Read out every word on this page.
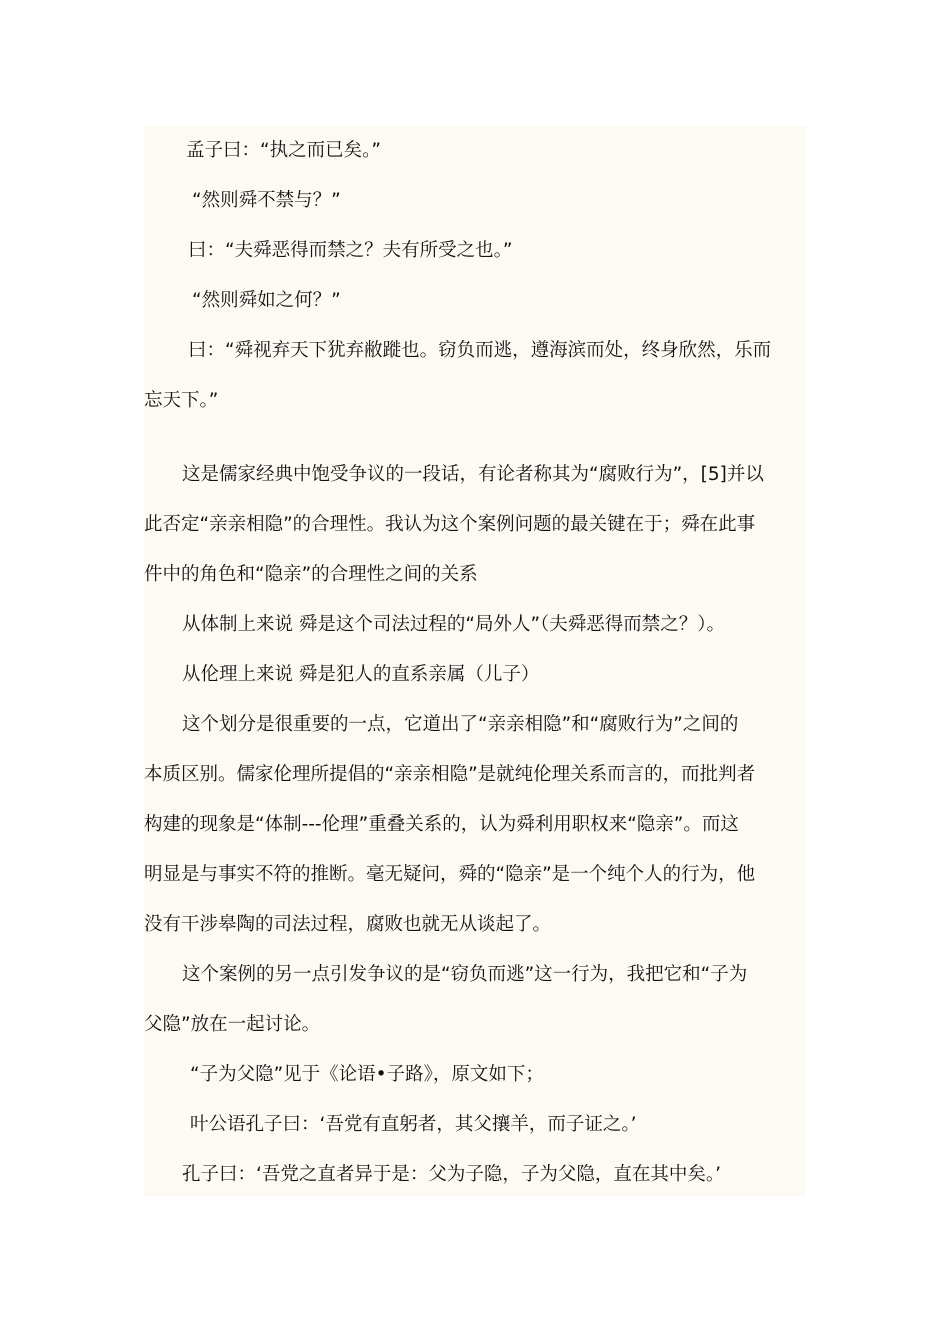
孟子曰：“执之而已矣。”
“然则舜不禁与？”
曰：“夫舜恶得而禁之？夫有所受之也。”
“然则舜如之何？”
曰：“舜视弃天下犹弃敝蹝也。窃负而逃，遵海滨而处，终身欣然，乐而
忘天下。”
这是儒家经典中饱受争议的一段话，有论者称其为“腐败行为”，[5]并以
此否定“亲亲相隐”的合理性。我认为这个案例问题的最关键在于；舜在此事
件中的角色和“隐亲”的合理性之间的关系
从体制上来说 舜是这个司法过程的“局外人”（夫舜恶得而禁之？）。
从伦理上来说 舜是犯人的直系亲属（儿子）
这个划分是很重要的一点，它道出了“亲亲相隐”和“腐败行为”之间的
本质区别。儒家伦理所提倡的“亲亲相隐”是就纯伦理关系而言的，而批判者
构建的现象是“体制---伦理”重叠关系的，认为舜利用职权来“隐亲”。而这
明显是与事实不符的推断。毫无疑问，舜的“隐亲”是一个纯个人的行为，他
没有干涉皋陶的司法过程，腐败也就无从谈起了。
这个案例的另一点引发争议的是“窃负而逃”这一行为，我把它和“子为
父隐”放在一起讨论。
“子为父隐”见于《论语•子路》，原文如下；
叶公语孔子曰：‘吾党有直躬者，其父攘羊，而子证之。’
孔子曰：‘吾党之直者异于是：父为子隐，子为父隐，直在其中矣。’
